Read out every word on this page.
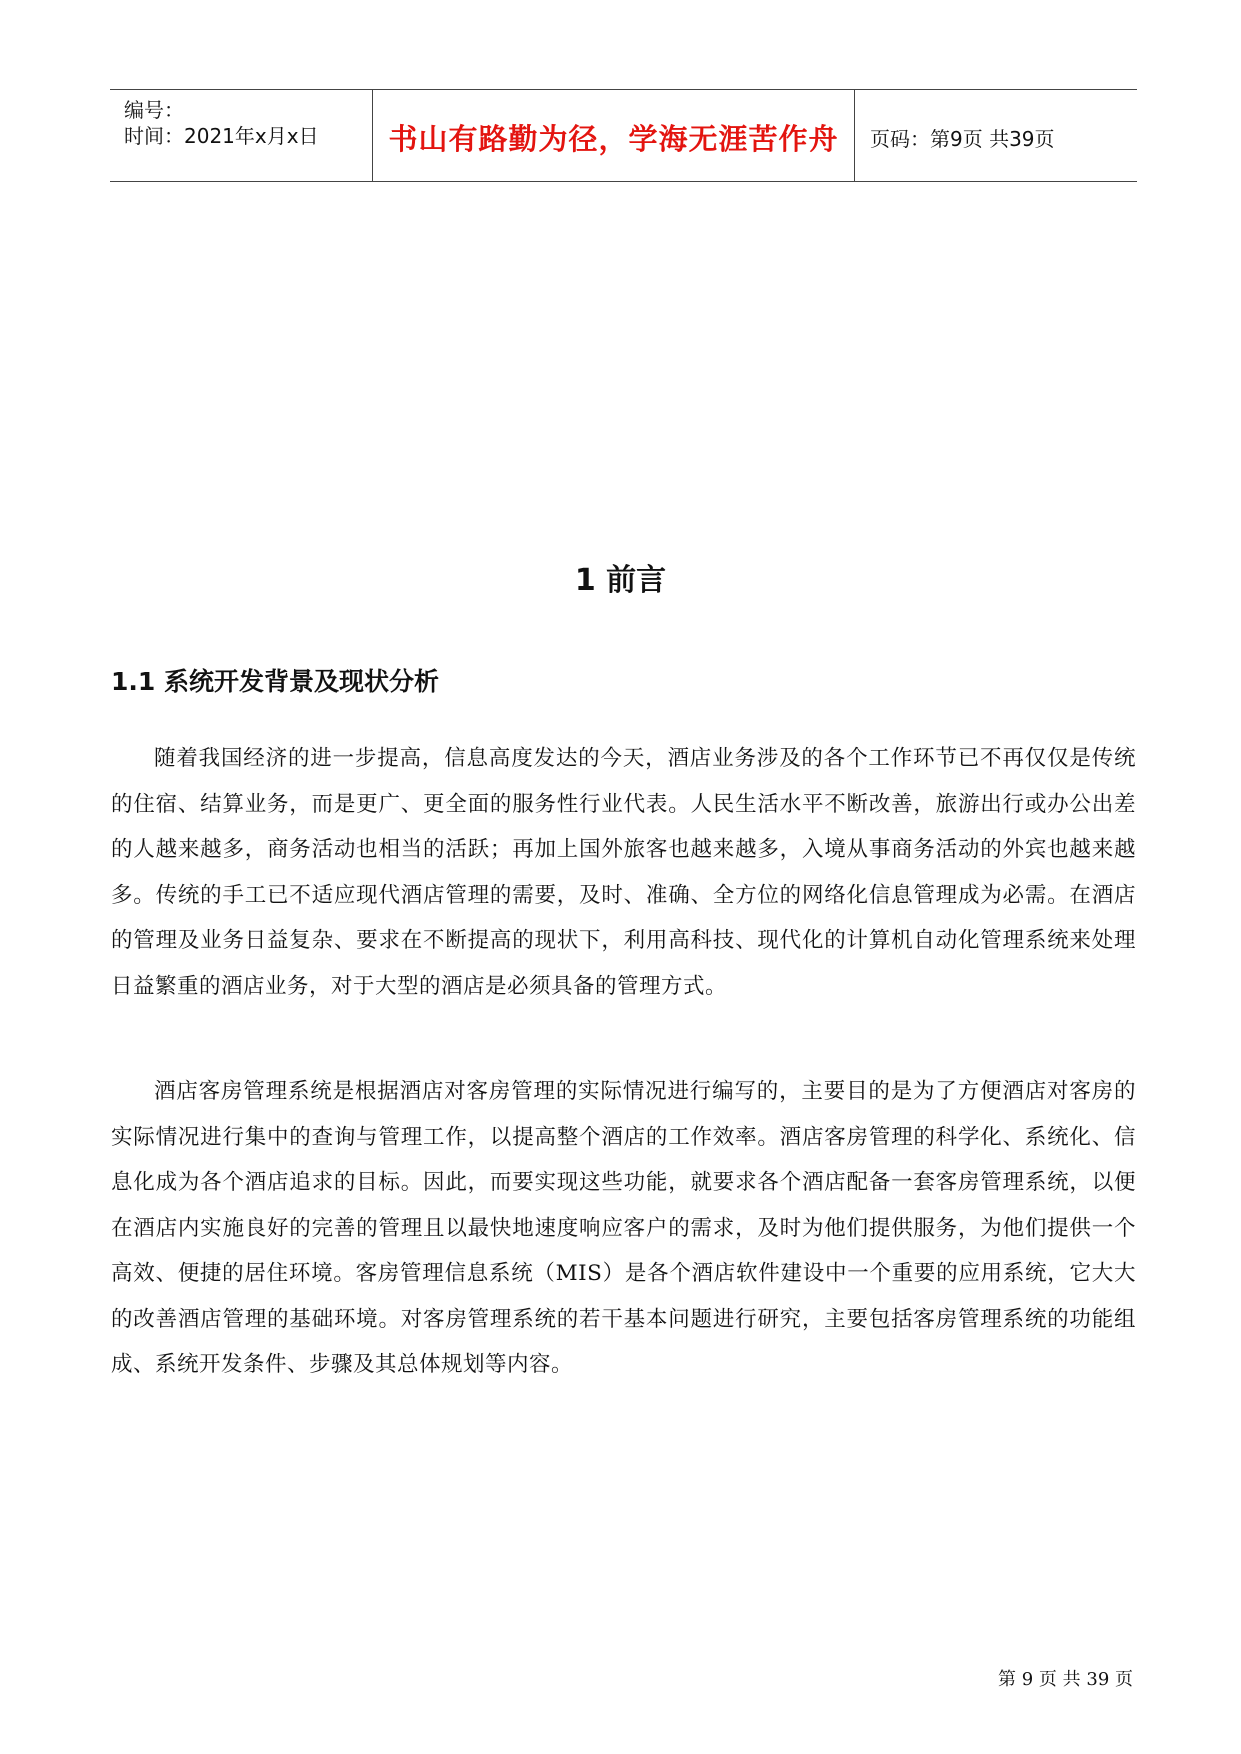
编号：
时间：2021年x月x日	书山有路勤为径，学海无涯苦作舟	页码：第9页 共39页
1 前言
1.1 系统开发背景及现状分析

随着我国经济的进一步提高，信息高度发达的今天，酒店业务涉及的各个工作环节已不再仅仅是传统的住宿、结算业务，而是更广、更全面的服务性行业代表。人民生活水平不断改善，旅游出行或办公出差的人越来越多，商务活动也相当的活跃；再加上国外旅客也越来越多，入境从事商务活动的外宾也越来越多。传统的手工已不适应现代酒店管理的需要，及时、准确、全方位的网络化信息管理成为必需。在酒店的管理及业务日益复杂、要求在不断提高的现状下，利用高科技、现代化的计算机自动化管理系统来处理日益繁重的酒店业务，对于大型的酒店是必须具备的管理方式。

酒店客房管理系统是根据酒店对客房管理的实际情况进行编写的，主要目的是为了方便酒店对客房的实际情况进行集中的查询与管理工作，以提高整个酒店的工作效率。酒店客房管理的科学化、系统化、信息化成为各个酒店追求的目标。因此，而要实现这些功能，就要求各个酒店配备一套客房管理系统，以便在酒店内实施良好的完善的管理且以最快地速度响应客户的需求，及时为他们提供服务，为他们提供一个高效、便捷的居住环境。客房管理信息系统（MIS）是各个酒店软件建设中一个重要的应用系统，它大大的改善酒店管理的基础环境。对客房管理系统的若干基本问题进行研究，主要包括客房管理系统的功能组成、系统开发条件、步骤及其总体规划等内容。

第 9 页 共 39 页
